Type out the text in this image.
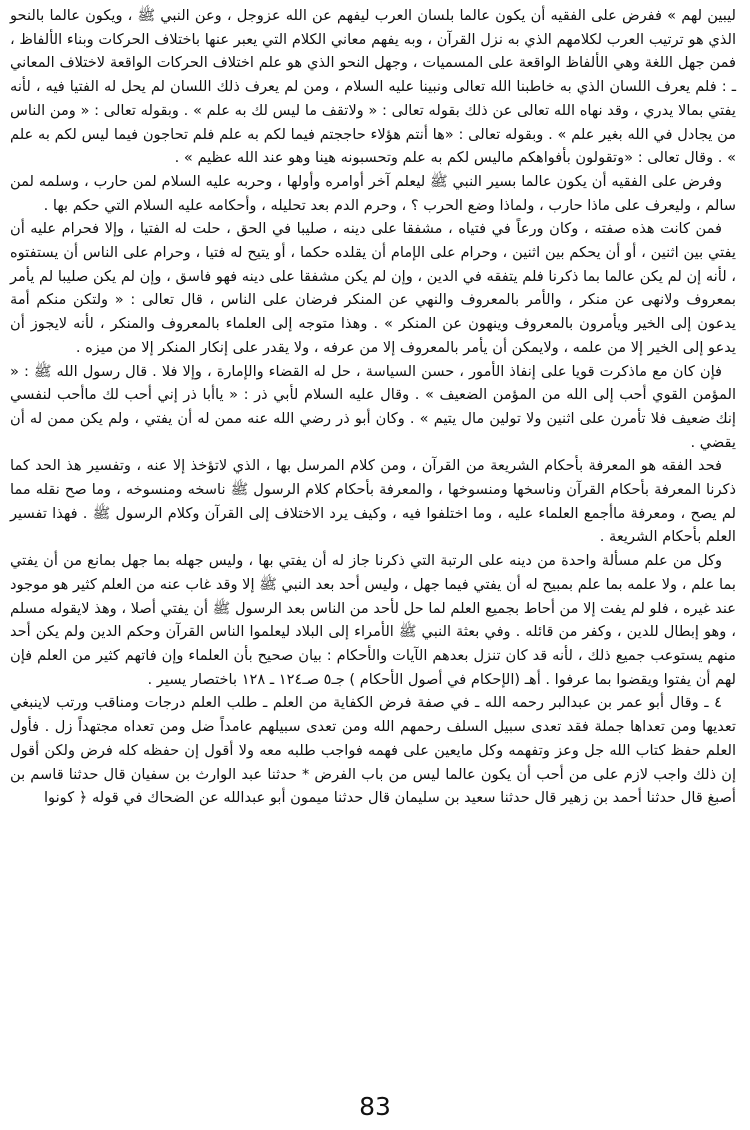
ليبين لهم » ففرض على الفقيه أن يكون عالما بلسان العرب ليفهم عن الله عزوجل ، وعن النبي ﷺ ، ويكون عالما بالنحو الذي هو ترتيب العرب لكلامهم الذي به نزل القرآن ، وبه يفهم معاني الكلام التي يعبر عنها باختلاف الحركات وبناء الألفاظ ، فمن جهل اللغة وهي الألفاظ الواقعة على المسميات ، وجهل النحو الذي هو علم اختلاف الحركات الواقعة لاختلاف المعاني ـ : فلم يعرف اللسان الذي به خاطبنا الله تعالى ونبينا عليه السلام ، ومن لم يعرف ذلك اللسان لم يحل له الفتيا فيه ، لأنه يفتي بمالا يدري ، وقد نهاه الله تعالى عن ذلك بقوله تعالى : « ولاتقف ما ليس لك به علم » . وبقوله تعالى : « ومن الناس من يجادل في الله بغير علم » . وبقوله تعالى : «ها أنتم هؤلاء حاججتم فيما لكم به علم فلم تحاجون فيما ليس لكم به علم » . وقال تعالى : «وتقولون بأفواهكم ماليس لكم به علم وتحسبونه هينا وهو عند الله عظيم » .

وفرض على الفقيه أن يكون عالما بسير النبي ﷺ ليعلم آخر أوامره وأولها ، وحربه عليه السلام لمن حارب ، وسلمه لمن سالم ، وليعرف على ماذا حارب ، ولماذا وضع الحرب ؟ ، وحرم الدم بعد تحليله ، وأحكامه عليه السلام التي حكم بها .

فمن كانت هذه صفته ، وكان ورعاً في فتياه ، مشفقا على دينه ، صليبا في الحق ، حلت له الفتيا ، وإلا فحرام عليه أن يفتي بين اثنين ، أو أن يحكم بين اثنين ، وحرام على الإمام أن يقلده حكما ، أو يتيح له فتيا ، وحرام على الناس أن يستفتوه ، لأنه إن لم يكن عالما بما ذكرنا فلم يتفقه في الدين ، وإن لم يكن مشفقا على دينه فهو فاسق ، وإن لم يكن صليبا لم يأمر بمعروف ولانهى عن منكر ، والأمر بالمعروف والنهي عن المنكر فرضان على الناس ، قال تعالى : « ولتكن منكم أمة يدعون إلى الخير ويأمرون بالمعروف وينهون عن المنكر » . وهذا متوجه إلى العلماء بالمعروف والمنكر ، لأنه لايجوز أن يدعو إلى الخير إلا من علمه ، ولايمكن أن يأمر بالمعروف إلا من عرفه ، ولا يقدر على إنكار المنكر إلا من ميزه .

فإن كان مع ماذكرت قويا على إنفاذ الأمور ، حسن السياسة ، حل له القضاء والإمارة ، وإلا فلا . قال رسول الله ﷺ : « المؤمن القوي أحب إلى الله من المؤمن الضعيف » . وقال عليه السلام لأبي ذر : « ياأبا ذر إني أحب لك ماأحب لنفسي إنك ضعيف فلا تأمرن على اثنين ولا تولين مال يتيم » . وكان أبو ذر رضي الله عنه ممن له أن يفتي ، ولم يكن ممن له أن يقضي .

فحد الفقه هو المعرفة بأحكام الشريعة من القرآن ، ومن كلام المرسل بها ، الذي لاتؤخذ إلا عنه ، وتفسير هذ الحد كما ذكرنا المعرفة بأحكام القرآن وناسخها ومنسوخها ، والمعرفة بأحكام كلام الرسول ﷺ ناسخه ومنسوخه ، وما صح نقله مما لم يصح ، ومعرفة ماأجمع العلماء عليه ، وما اختلفوا فيه ، وكيف يرد الاختلاف إلى القرآن وكلام الرسول ﷺ . فهذا تفسير العلم بأحكام الشريعة .

وكل من علم مسألة واحدة من دينه على الرتبة التي ذكرنا جاز له أن يفتي بها ، وليس جهله بما جهل بمانع من أن يفتي بما علم ، ولا علمه بما علم بمبيح له أن يفتي فيما جهل ، وليس أحد بعد النبي ﷺ إلا وقد غاب عنه من العلم كثير هو موجود عند غيره ، فلو لم يفت إلا من أحاط بجميع العلم لما حل لأحد من الناس بعد الرسول ﷺ أن يفتي أصلا ، وهذ لايقوله مسلم ، وهو إبطال للدين ، وكفر من قائله . وفي بعثة النبي ﷺ الأمراء إلى البلاد ليعلموا الناس القرآن وحكم الدين ولم يكن أحد منهم يستوعب جميع ذلك ، لأنه قد كان تنزل بعدهم الآيات والأحكام : بيان صحيح بأن العلماء وإن فاتهم كثير من العلم فإن لهم أن يفتوا ويقضوا بما عرفوا . أهـ (الإحكام في أصول الأحكام ) جـ٥ صـ١٢٤ ـ ١٢٨ باختصار يسير .

٤ ـ وقال أبو عمر بن عبدالبر رحمه الله ـ في صفة فرض الكفاية من العلم ـ طلب العلم درجات ومناقب ورتب لاينبغي تعديها ومن تعداها جملة فقد تعدى سبيل السلف رحمهم الله ومن تعدى سبيلهم عامداً ضل ومن تعداه مجتهداً زل . فأول العلم حفظ كتاب الله جل وعز وتفهمه وكل مايعين على فهمه فواجب طلبه معه ولا أقول إن حفظه كله فرض ولكن أقول إن ذلك واجب لازم على من أحب أن يكون عالما ليس من باب الفرض * حدثنا عبد الوارث بن سفيان قال حدثنا قاسم بن أصبغ قال حدثنا أحمد بن زهير قال حدثنا سعيد بن سليمان قال حدثنا ميمون أبو عبدالله عن الضحاك في قوله ﴿ كونوا

83
